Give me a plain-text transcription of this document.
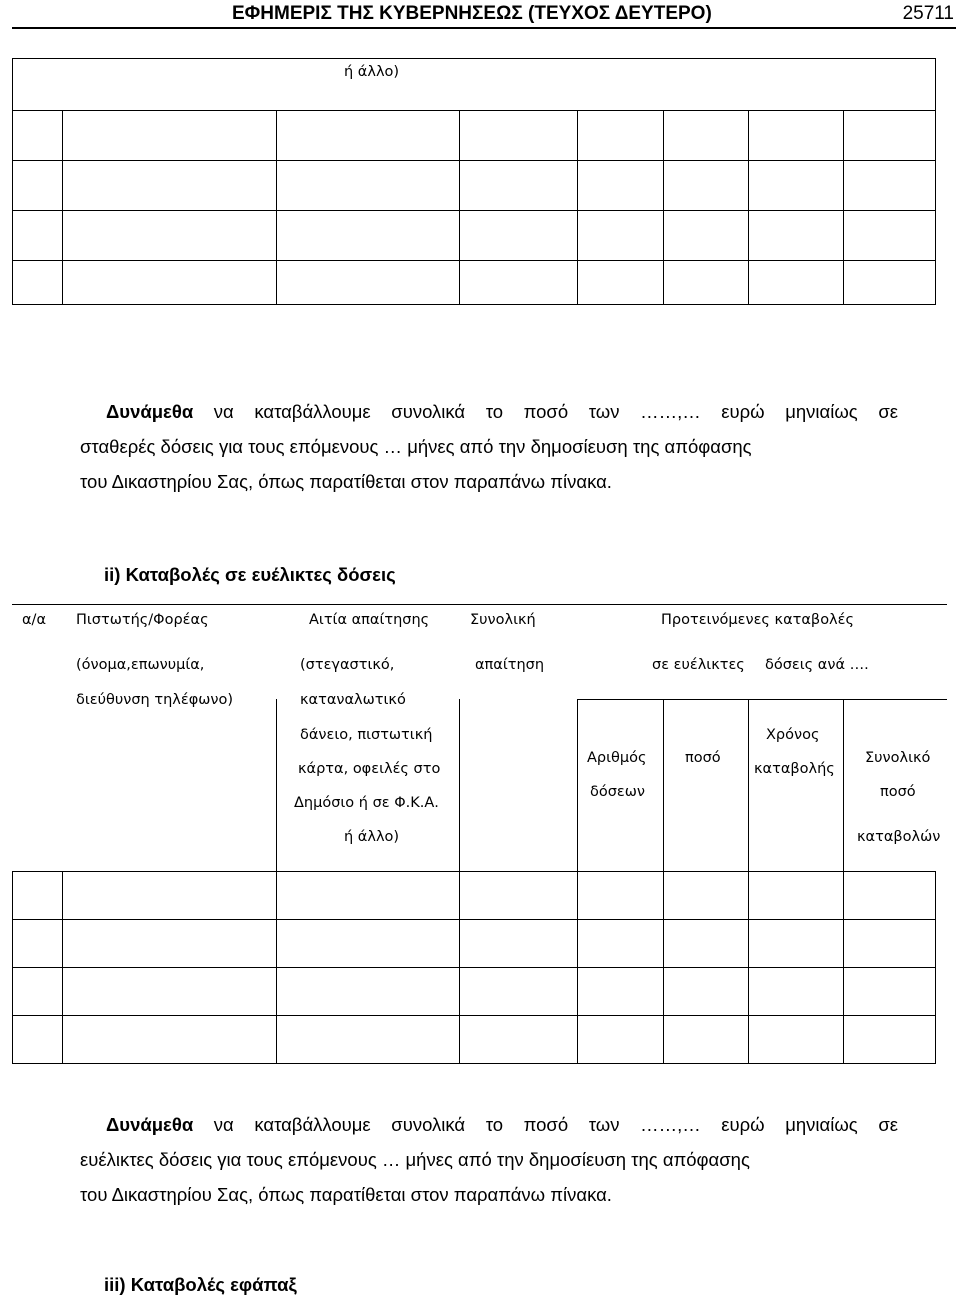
ΕΦΗΜΕΡΙΣ ΤΗΣ ΚΥΒΕΡΝΗΣΕΩΣ (ΤΕΥΧΟΣ ΔΕΥΤΕΡΟ)	25711
ή άλλο)
Δυνάμεθα να καταβάλλουμε συνολικά το ποσό των ……,… ευρώ μηνιαίως σε
σταθερές δόσεις για τους επόμενους … μήνες από την δημοσίευση της απόφασης
του Δικαστηρίου Σας, όπως παρατίθεται στον παραπάνω πίνακα.
ii) Καταβολές σε ευέλικτες δόσεις
α/α Πιστωτής/Φορέας
(όνομα,επωνυμία,
διεύθυνση τηλέφωνο)
Αιτία απαίτησης
(στεγαστικό,
καταναλωτικό
δάνειο, πιστωτική
κάρτα, οφειλές στο
Δημόσιο ή σε Φ.Κ.Α.
ή άλλο)
Συνολική
απαίτηση
Προτεινόμενες καταβολές
σε ευέλικτες δόσεις ανά ….
Αριθμός
δόσεων
ποσό
Χρόνος
καταβολής
Συνολικό
ποσό
καταβολών
Δυνάμεθα να καταβάλλουμε συνολικά το ποσό των ……,… ευρώ μηνιαίως σε
ευέλικτες δόσεις για τους επόμενους … μήνες από την δημοσίευση της απόφασης
του Δικαστηρίου Σας, όπως παρατίθεται στον παραπάνω πίνακα.
iii) Καταβολές εφάπαξ
